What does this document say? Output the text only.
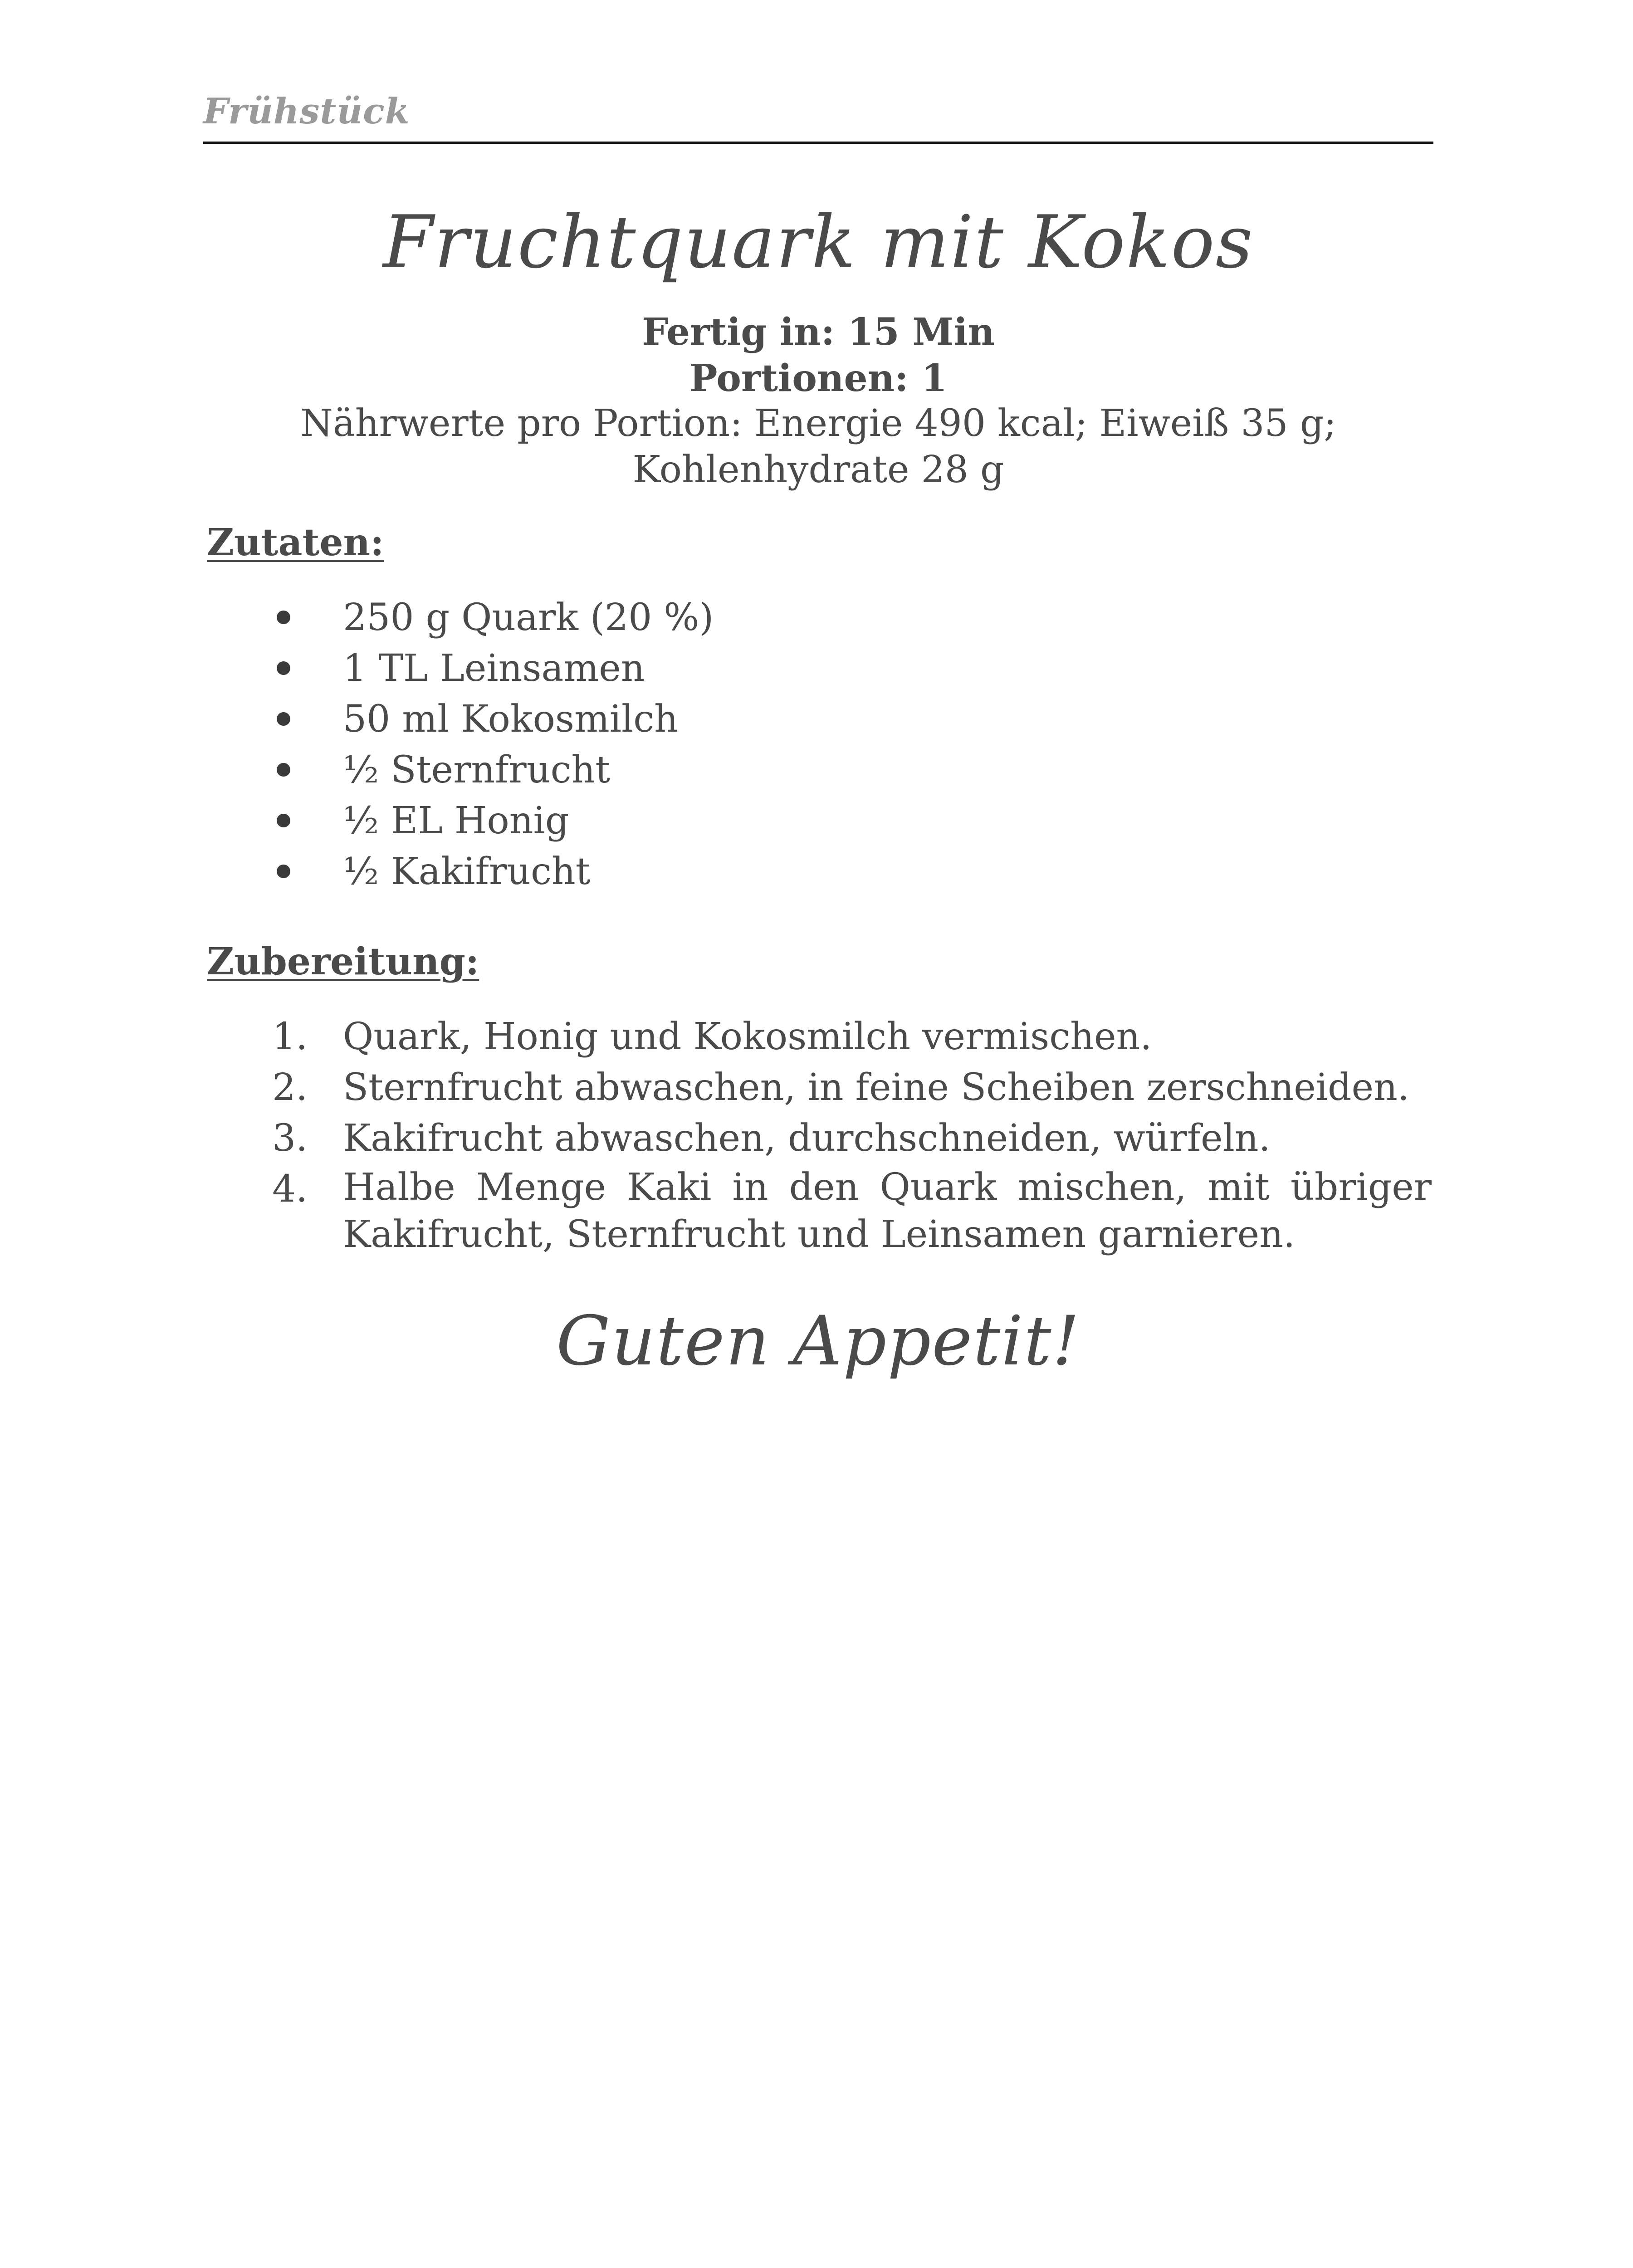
Frühstück
Fruchtquark mit Kokos
Fertig in: 15 Min
Portionen: 1
Nährwerte pro Portion: Energie 490 kcal; Eiweiß 35 g;
Kohlenhydrate 28 g
Zutaten:
250 g Quark (20 %)
1 TL Leinsamen
50 ml Kokosmilch
½ Sternfrucht
½ EL Honig
½ Kakifrucht
Zubereitung:
1. Quark, Honig und Kokosmilch vermischen.
2. Sternfrucht abwaschen, in feine Scheiben zerschneiden.
3. Kakifrucht abwaschen, durchschneiden, würfeln.
4. Halbe Menge Kaki in den Quark mischen, mit übriger Kakifrucht, Sternfrucht und Leinsamen garnieren.
Guten Appetit!
